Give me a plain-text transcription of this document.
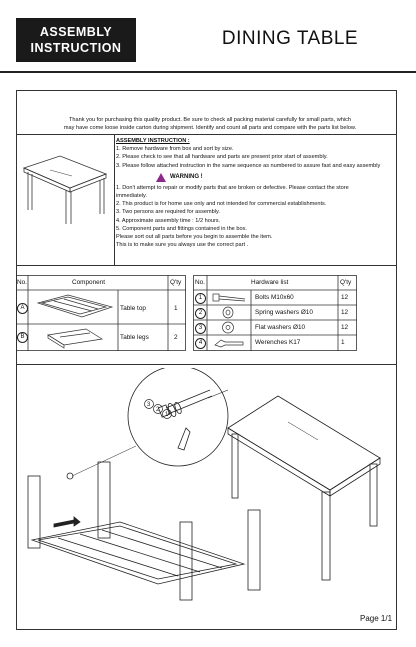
ASSEMBLY
INSTRUCTION	DINING TABLE
Thank you for purchasing this quality product. Be sure to check all packing material carefully for small parts, which
may have come loose inside carton during shipment. Identify and count all parts and compare with the parts list below.
ASSEMBLY INSTRUCTION :
1. Remove hardware from box and sort by size.
2. Please check to see that all hardware and parts are present prior start of assembly.
3. Please follow attached instruction in the same sequence as numbered to assure fast and easy assembly
WARNING !
1. Don't attempt to repair or modify parts that are broken or defective. Please contact the store
immediately.
2. This product is for home use only and not intended for commercial establishments.
3. Two persons are required for assembly.
4. Approximate assembly time : 1/2 hours.
5. Component parts and fittings contained in the box.
Please sort out all parts before you begin to assemble the item.
This is to make sure you always use the correct part .
No.	Component	Q'ty
A	Table top	1
B	Table legs	2
No.	Hardware list	Q'ty
1	Bolts M10x60	12
2	Spring washers Ø10	12
3	Flat washers Ø10	12
4	Werenches K17	1
3
2
1
Page 1/1
